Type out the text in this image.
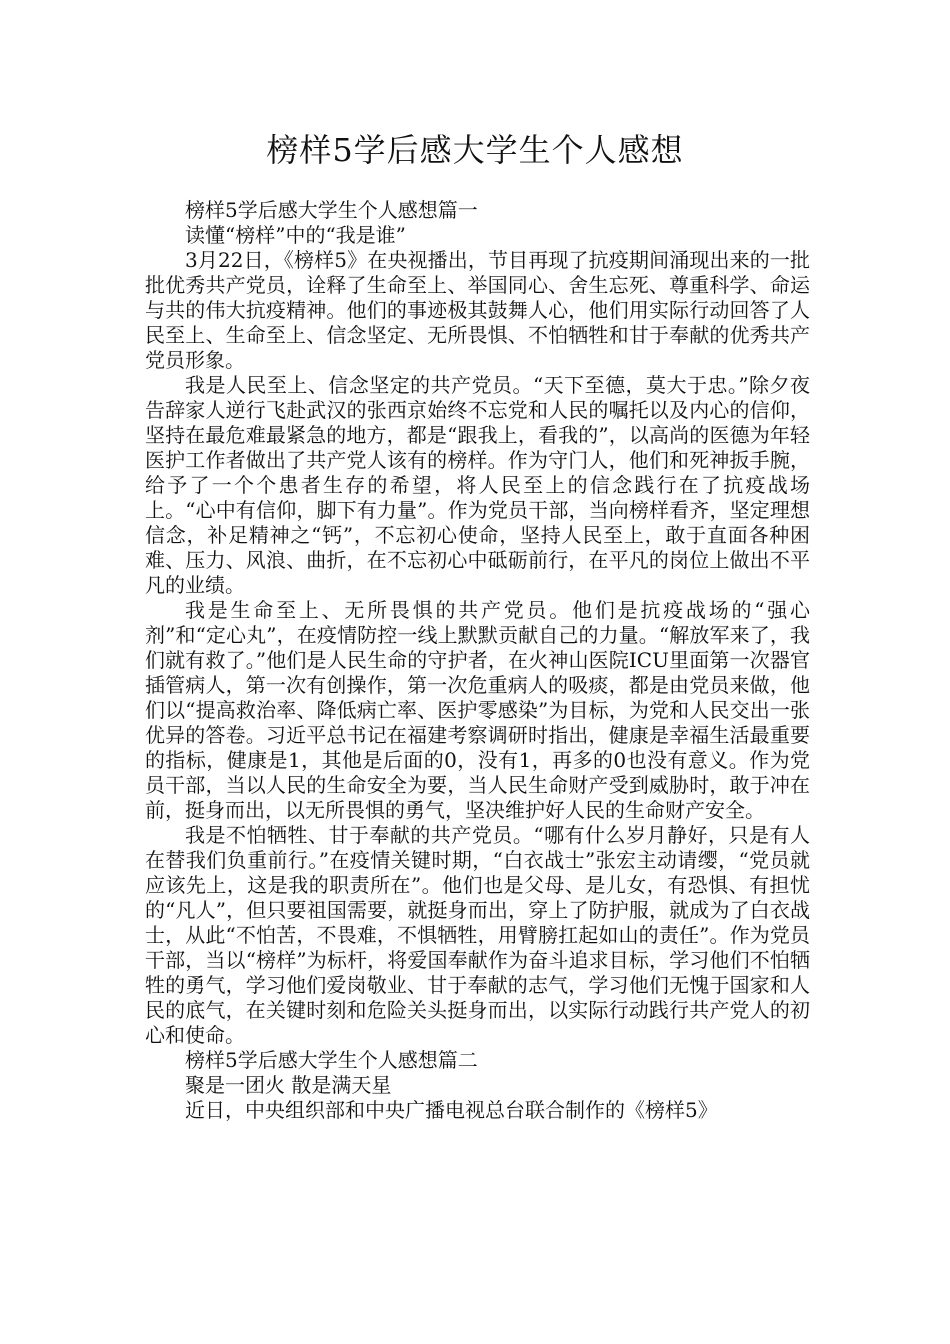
榜样5学后感大学生个人感想

榜样5学后感大学生个人感想篇一

读懂“榜样”中的“我是谁”

3月22日，《榜样5》在央视播出，节目再现了抗疫期间涌现出来的一批批优秀共产党员，诠释了生命至上、举国同心、舍生忘死、尊重科学、命运与共的伟大抗疫精神。他们的事迹极其鼓舞人心，他们用实际行动回答了人民至上、生命至上、信念坚定、无所畏惧、不怕牺牲和甘于奉献的优秀共产党员形象。

我是人民至上、信念坚定的共产党员。“天下至德，莫大于忠。”除夕夜告辞家人逆行飞赴武汉的张西京始终不忘党和人民的嘱托以及内心的信仰，坚持在最危难最紧急的地方，都是“跟我上，看我的”，以高尚的医德为年轻医护工作者做出了共产党人该有的榜样。作为守门人，他们和死神扳手腕，给予了一个个患者生存的希望，将人民至上的信念践行在了抗疫战场上。“心中有信仰，脚下有力量”。作为党员干部，当向榜样看齐，坚定理想信念，补足精神之“钙”，不忘初心使命，坚持人民至上，敢于直面各种困难、压力、风浪、曲折，在不忘初心中砥砺前行，在平凡的岗位上做出不平凡的业绩。

我是生命至上、无所畏惧的共产党员。他们是抗疫战场的“强心剂”和“定心丸”，在疫情防控一线上默默贡献自己的力量。“解放军来了，我们就有救了。”他们是人民生命的守护者，在火神山医院ICU里面第一次器官插管病人，第一次有创操作，第一次危重病人的吸痰，都是由党员来做，他们以“提高救治率、降低病亡率、医护零感染”为目标，为党和人民交出一张优异的答卷。习近平总书记在福建考察调研时指出，健康是幸福生活最重要的指标，健康是1，其他是后面的0，没有1，再多的0也没有意义。作为党员干部，当以人民的生命安全为要，当人民生命财产受到威胁时，敢于冲在前，挺身而出，以无所畏惧的勇气，坚决维护好人民的生命财产安全。

我是不怕牺牲、甘于奉献的共产党员。“哪有什么岁月静好，只是有人在替我们负重前行。”在疫情关键时期，“白衣战士”张宏主动请缨，“党员就应该先上，这是我的职责所在”。他们也是父母、是儿女，有恐惧、有担忧的“凡人”，但只要祖国需要，就挺身而出，穿上了防护服，就成为了白衣战士，从此“不怕苦，不畏难，不惧牺牲，用臂膀扛起如山的责任”。作为党员干部，当以“榜样”为标杆，将爱国奉献作为奋斗追求目标，学习他们不怕牺牲的勇气，学习他们爱岗敬业、甘于奉献的志气，学习他们无愧于国家和人民的底气，在关键时刻和危险关头挺身而出，以实际行动践行共产党人的初心和使命。

榜样5学后感大学生个人感想篇二

聚是一团火 散是满天星

近日，中央组织部和中央广播电视总台联合制作的《榜样5》
